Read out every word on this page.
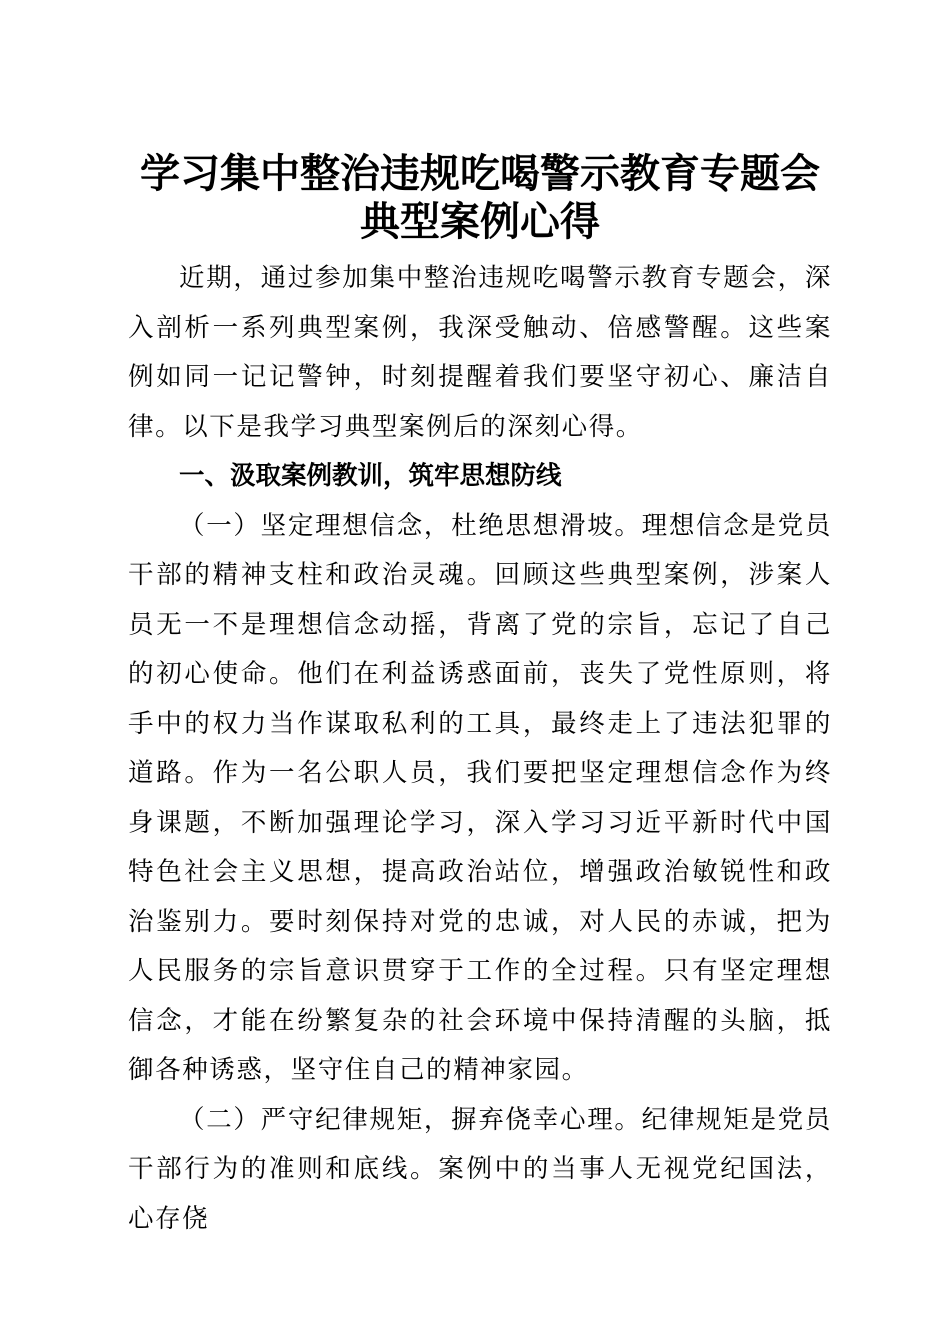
学习集中整治违规吃喝警示教育专题会典型案例心得

近期，通过参加集中整治违规吃喝警示教育专题会，深入剖析一系列典型案例，我深受触动、倍感警醒。这些案例如同一记记警钟，时刻提醒着我们要坚守初心、廉洁自律。以下是我学习典型案例后的深刻心得。

一、汲取案例教训，筑牢思想防线

（一）坚定理想信念，杜绝思想滑坡。理想信念是党员干部的精神支柱和政治灵魂。回顾这些典型案例，涉案人员无一不是理想信念动摇，背离了党的宗旨，忘记了自己的初心使命。他们在利益诱惑面前，丧失了党性原则，将手中的权力当作谋取私利的工具，最终走上了违法犯罪的道路。作为一名公职人员，我们要把坚定理想信念作为终身课题，不断加强理论学习，深入学习习近平新时代中国特色社会主义思想，提高政治站位，增强政治敏锐性和政治鉴别力。要时刻保持对党的忠诚，对人民的赤诚，把为人民服务的宗旨意识贯穿于工作的全过程。只有坚定理想信念，才能在纷繁复杂的社会环境中保持清醒的头脑，抵御各种诱惑，坚守住自己的精神家园。

（二）严守纪律规矩，摒弃侥幸心理。纪律规矩是党员干部行为的准则和底线。案例中的当事人无视党纪国法，心存侥
